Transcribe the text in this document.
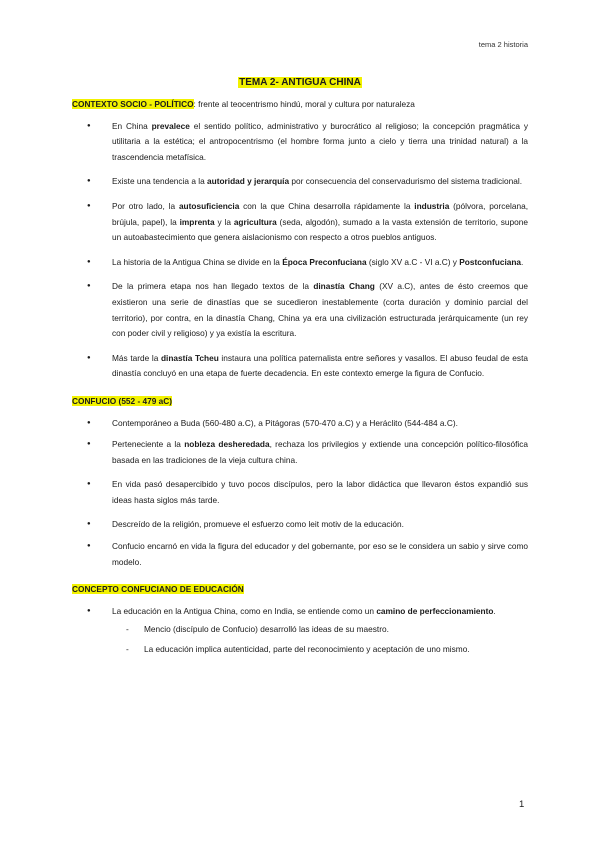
tema 2 historia
TEMA 2- ANTIGUA CHINA

CONTEXTO SOCIO - POLÍTICO: frente al teocentrismo hindú, moral y cultura por naturaleza

● En China prevalece el sentido político, administrativo y burocrático al religioso; la concepción pragmática y utilitaria a la estética; el antropocentrismo (el hombre forma junto a cielo y tierra una trinidad natural) a la trascendencia metafísica.
● Existe una tendencia a la autoridad y jerarquía por consecuencia del conservadurismo del sistema tradicional.
● Por otro lado, la autosuficiencia con la que China desarrolla rápidamente la industria (pólvora, porcelana, brújula, papel), la imprenta y la agricultura (seda, algodón), sumado a la vasta extensión de territorio, supone un autoabastecimiento que genera aislacionismo con respecto a otros pueblos antiguos.
● La historia de la Antigua China se divide en la Época Preconfuciana (siglo XV a.C - VI a.C) y Postconfuciana.
● De la primera etapa nos han llegado textos de la dinastía Chang (XV a.C), antes de ésto creemos que existieron una serie de dinastías que se sucedieron inestablemente (corta duración y dominio parcial del territorio), por contra, en la dinastía Chang, China ya era una civilización estructurada jerárquicamente (un rey con poder civil y religioso) y ya existía la escritura.
● Más tarde la dinastía Tcheu instaura una política paternalista entre señores y vasallos. El abuso feudal de esta dinastía concluyó en una etapa de fuerte decadencia. En este contexto emerge la figura de Confucio.

CONFUCIO (552 - 479 aC)

● Contemporáneo a Buda (560-480 a.C), a Pitágoras (570-470 a.C) y a Heráclito (544-484 a.C).
● Perteneciente a la nobleza desheredada, rechaza los privilegios y extiende una concepción político-filosófica basada en las tradiciones de la vieja cultura china.
● En vida pasó desapercibido y tuvo pocos discípulos, pero la labor didáctica que llevaron éstos expandió sus ideas hasta siglos más tarde.
● Descreído de la religión, promueve el esfuerzo como leit motiv de la educación.
● Confucio encarnó en vida la figura del educador y del gobernante, por eso se le considera un sabio y sirve como modelo.

CONCEPTO CONFUCIANO DE EDUCACIÓN

● La educación en la Antigua China, como en India, se entiende como un camino de perfeccionamiento.
- Mencio (discípulo de Confucio) desarrolló las ideas de su maestro.
- La educación implica autenticidad, parte del reconocimiento y aceptación de uno mismo.
1
